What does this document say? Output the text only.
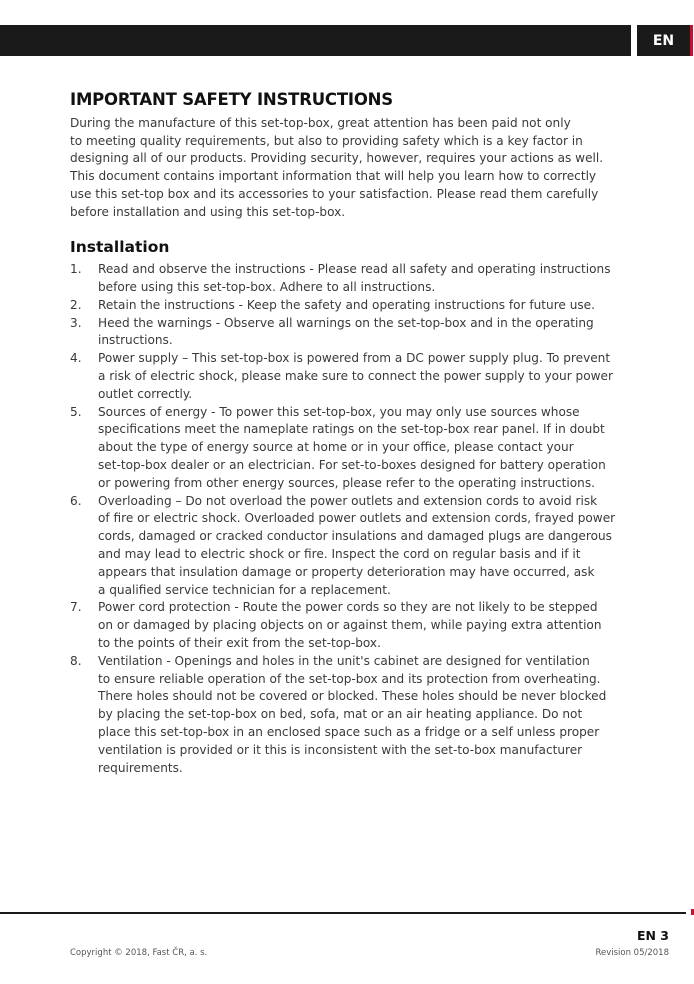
EN
IMPORTANT SAFETY INSTRUCTIONS

During the manufacture of this set-top-box, great attention has been paid not only

to meeting quality requirements, but also to providing safety which is a key factor in

designing all of our products. Providing security, however, requires your actions as well.

This document contains important information that will help you learn how to correctly

use this set-top box and its accessories to your satisfaction. Please read them carefully

before installation and using this set-top-box.

Installation
1. Read and observe the instructions - Please read all safety and operating instructions
before using this set-top-box. Adhere to all instructions.
2. Retain the instructions - Keep the safety and operating instructions for future use.
3. Heed the warnings - Observe all warnings on the set-top-box and in the operating
instructions.
4. Power supply – This set-top-box is powered from a DC power supply plug. To prevent
a risk of electric shock, please make sure to connect the power supply to your power
outlet correctly.
5. Sources of energy - To power this set-top-box, you may only use sources whose
specifications meet the nameplate ratings on the set-top-box rear panel. If in doubt
about the type of energy source at home or in your office, please contact your
set-top-box dealer or an electrician. For set-to-boxes designed for battery operation
or powering from other energy sources, please refer to the operating instructions.
6. Overloading – Do not overload the power outlets and extension cords to avoid risk
of fire or electric shock. Overloaded power outlets and extension cords, frayed power
cords, damaged or cracked conductor insulations and damaged plugs are dangerous
and may lead to electric shock or fire. Inspect the cord on regular basis and if it
appears that insulation damage or property deterioration may have occurred, ask
a qualified service technician for a replacement.
7. Power cord protection - Route the power cords so they are not likely to be stepped
on or damaged by placing objects on or against them, while paying extra attention
to the points of their exit from the set-top-box.
8. Ventilation - Openings and holes in the unit's cabinet are designed for ventilation
to ensure reliable operation of the set-top-box and its protection from overheating.
There holes should not be covered or blocked. These holes should be never blocked
by placing the set-top-box on bed, sofa, mat or an air heating appliance. Do not
place this set-top-box in an enclosed space such as a fridge or a self unless proper
ventilation is provided or it this is inconsistent with the set-to-box manufacturer
requirements.
EN 3
Copyright © 2018, Fast ČR, a. s.	Revision 05/2018
